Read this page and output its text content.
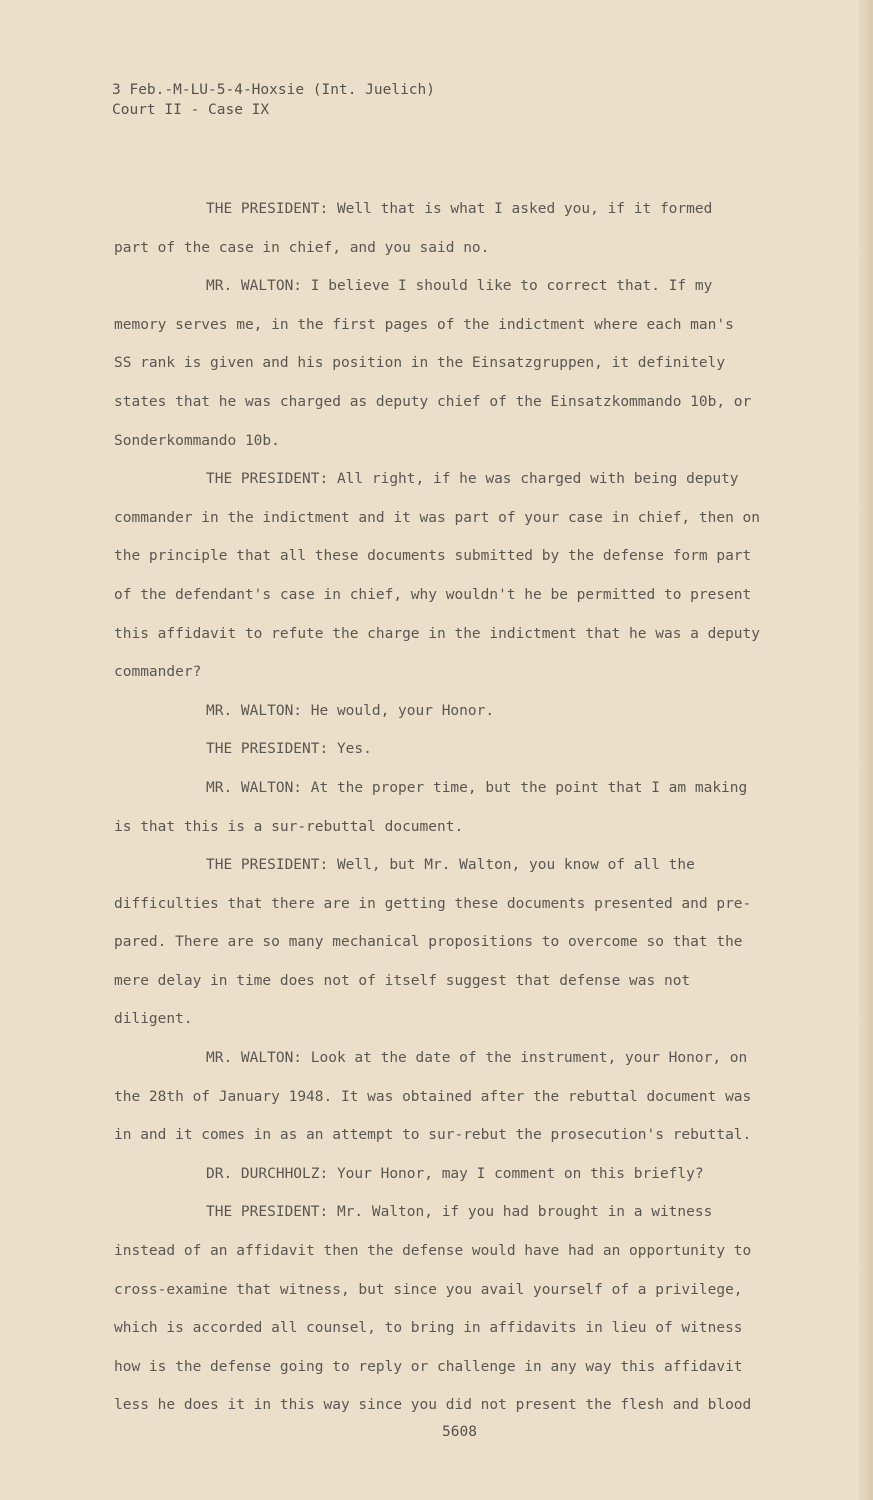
3 Feb.-M-LU-5-4-Hoxsie (Int. Juelich)
Court II - Case IX
THE PRESIDENT: Well that is what I asked you, if it formed
part of the case in chief, and you said no.
MR. WALTON: I believe I should like to correct that. If my
memory serves me, in the first pages of the indictment where each man's
SS rank is given and his position in the Einsatzgruppen, it definitely
states that he was charged as deputy chief of the Einsatzkommando 10b, or
Sonderkommando 10b.
THE PRESIDENT: All right, if he was charged with being deputy
commander in the indictment and it was part of your case in chief, then on
the principle that all these documents submitted by the defense form part
of the defendant's case in chief, why wouldn't he be permitted to present
this affidavit to refute the charge in the indictment that he was a deputy
commander?
MR. WALTON: He would, your Honor.
THE PRESIDENT: Yes.
MR. WALTON: At the proper time, but the point that I am making
is that this is a sur-rebuttal document.
THE PRESIDENT: Well, but Mr. Walton, you know of all the
difficulties that there are in getting these documents presented and pre-
pared. There are so many mechanical propositions to overcome so that the
mere delay in time does not of itself suggest that defense was not
diligent.
MR. WALTON: Look at the date of the instrument, your Honor, on
the 28th of January 1948. It was obtained after the rebuttal document was
in and it comes in as an attempt to sur-rebut the prosecution's rebuttal.
DR. DURCHHOLZ: Your Honor, may I comment on this briefly?
THE PRESIDENT: Mr. Walton, if you had brought in a witness
instead of an affidavit then the defense would have had an opportunity to
cross-examine that witness, but since you avail yourself of a privilege,
which is accorded all counsel, to bring in affidavits in lieu of witness
how is the defense going to reply or challenge in any way this affidavit
less he does it in this way since you did not present the flesh and blood
5608
